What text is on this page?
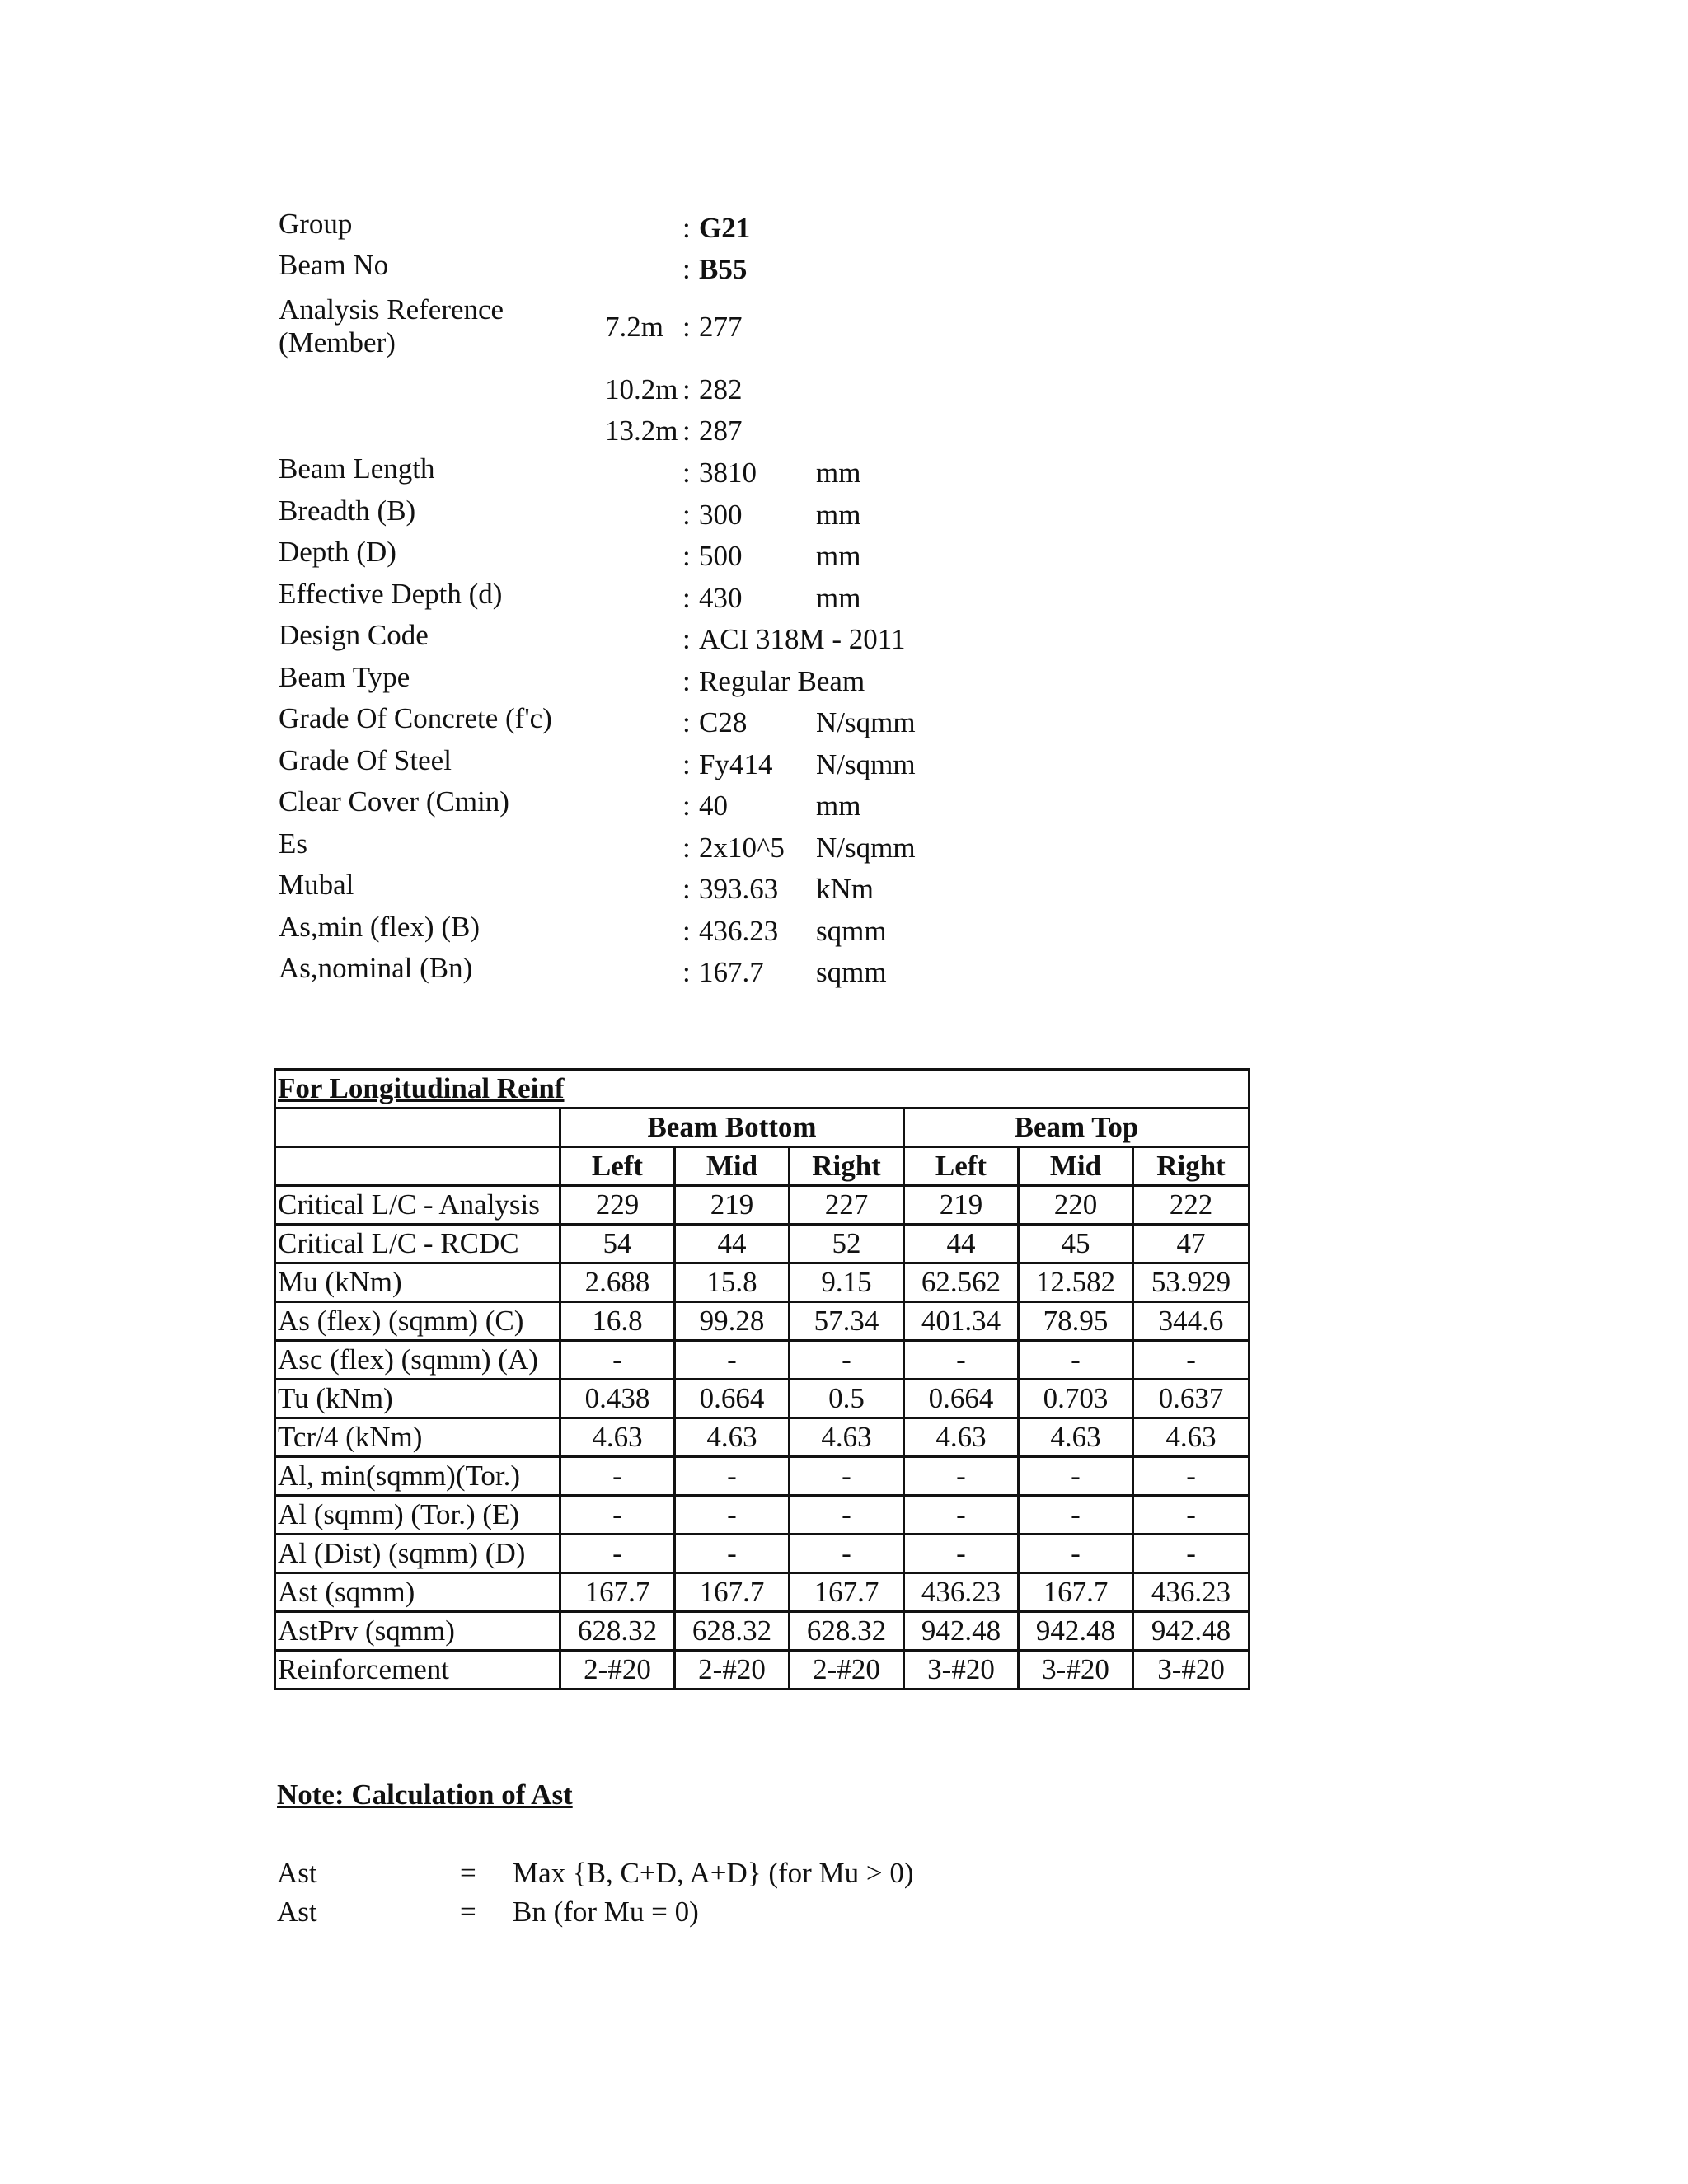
Group	: G21
Beam No	: B55
Analysis Reference (Member)	7.2m : 277
10.2m : 282
13.2m : 287
Beam Length	: 3810 mm
Breadth (B)	: 300	mm
Depth (D)	: 500	mm
Effective Depth (d)	: 430	mm
Design Code	: ACI 318M - 2011
Beam Type	: Regular Beam
Grade Of Concrete (f'c)	: C28 N/sqmm
Grade Of Steel	: Fy414 N/sqmm
Clear Cover (Cmin)	: 40	mm
Es	: 2x10^5 N/sqmm
Mubal	: 393.63 kNm
As,min (flex) (B)	: 436.23 sqmm
As,nominal (Bn)	: 167.7 sqmm
For Longitudinal Reinf						
	Beam Bottom			Beam Top		
	Left	Mid	Right	Left	Mid	Right
Critical L/C - Analysis	229	219	227	219	220	222
Critical L/C - RCDC	54	44	52	44	45	47
Mu (kNm)	2.688	15.8	9.15	62.562	12.582	53.929
As (flex) (sqmm) (C)	16.8	99.28	57.34	401.34	78.95	344.6
Asc (flex) (sqmm) (A)	-	-	-	-	-	-
Tu (kNm)	0.438	0.664	0.5	0.664	0.703	0.637
Tcr/4 (kNm)	4.63	4.63	4.63	4.63	4.63	4.63
Al, min(sqmm)(Tor.)	-	-	-	-	-	-
Al (sqmm) (Tor.) (E)	-	-	-	-	-	-
Al (Dist) (sqmm) (D)	-	-	-	-	-	-
Ast (sqmm)	167.7	167.7	167.7	436.23	167.7	436.23
AstPrv (sqmm)	628.32	628.32	628.32	942.48	942.48	942.48
Reinforcement	2-#20	2-#20	2-#20	3-#20	3-#20	3-#20
Note: Calculation of Ast
Ast	= Max {B, C+D, A+D} (for Mu > 0)
Ast	= Bn (for Mu = 0)
